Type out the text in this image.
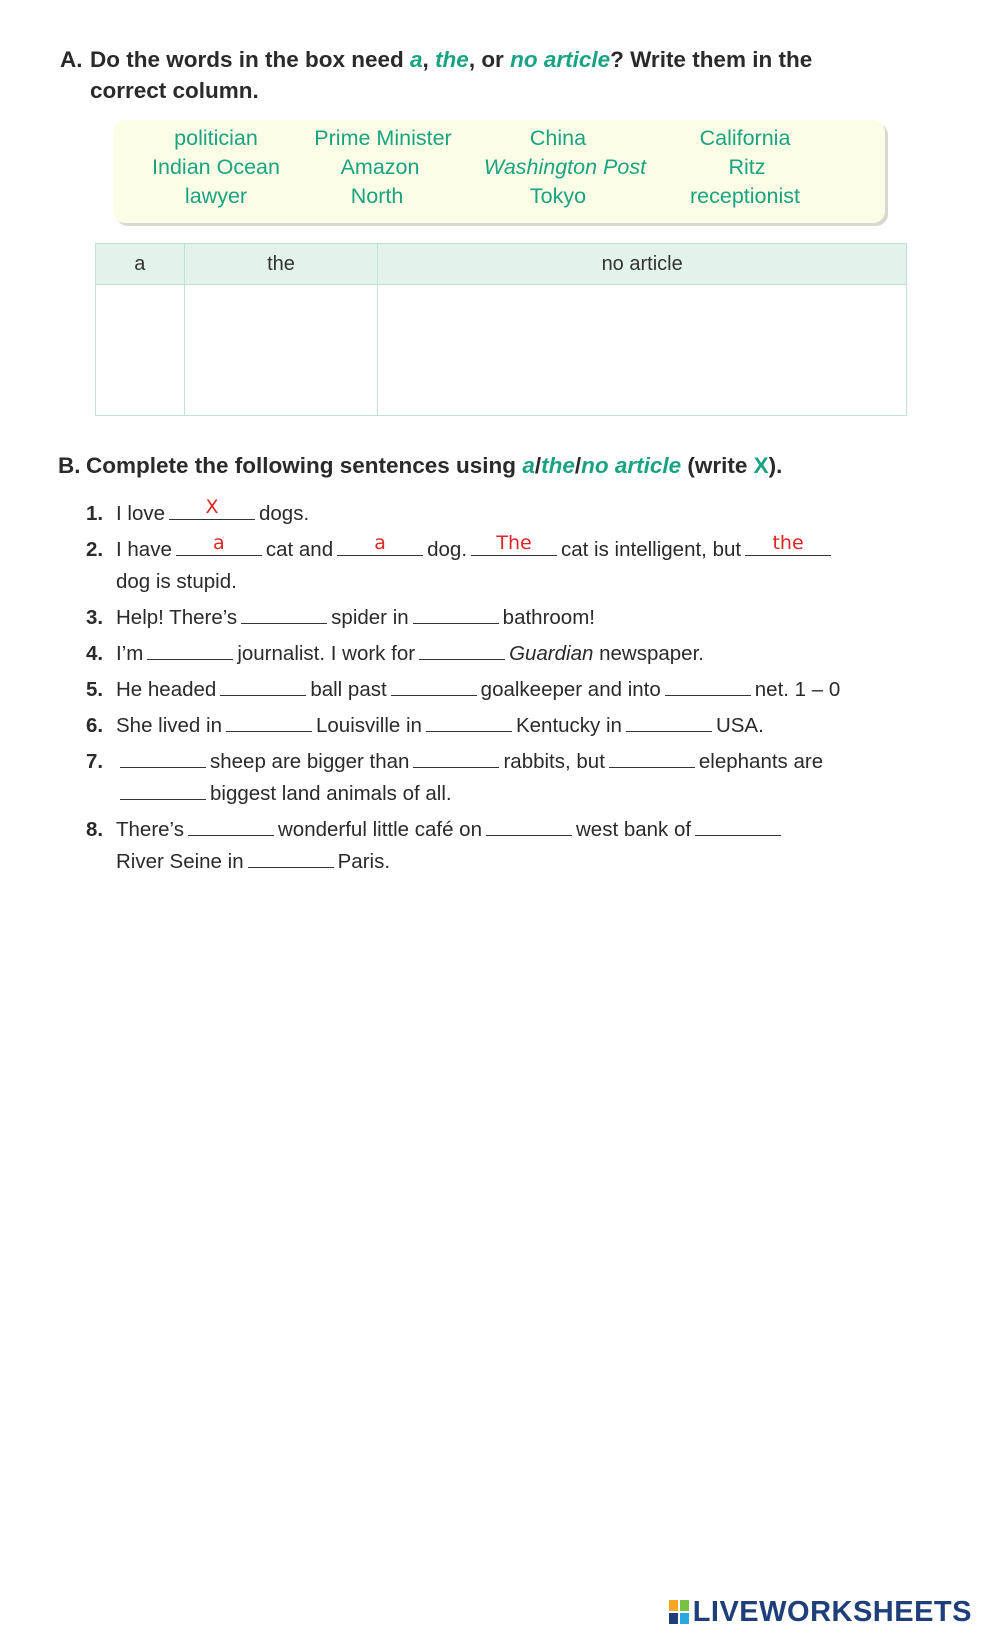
A. Do the words in the box need a, the, or no article? Write them in the
correct column.
politician	Prime Minister	China	California
Indian Ocean	Amazon	Washington Post	Ritz
lawyer	North	Tokyo	receptionist
a	the	no article

B. Complete the following sentences using a/the/no article (write X).
1. I love	X	dogs.
2. I have	a	cat and	a	dog.	The	cat is intelligent, but	the

dog is stupid.
3. Help! There’s	spider in	bathroom!
4. I’m	journalist. I work for	Guardian newspaper.
5. He headed	ball past	goalkeeper and into	net. 1 – 0
6. She lived in	Louisville in	Kentucky in	USA.
7.	sheep are bigger than	rabbits, but	elephants are
biggest land animals of all.
8. There’s	wonderful little café on	west bank of
River Seine in	Paris.
LIVEWORKSHEETS
